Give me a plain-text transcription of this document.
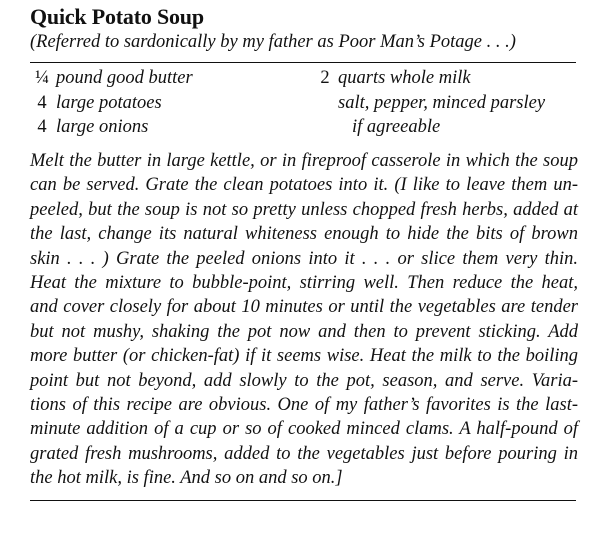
Quick Potato Soup

(Referred to sardonically by my father as Poor Man’s Potage . . .)

¼ pound good butter
4 large potatoes
4 large onions
2 quarts whole milk
salt, pepper, minced parsley
if agreeable
Melt the butter in large kettle, or in fireproof casserole in which the soup
can be served. Grate the clean potatoes into it. (I like to leave them un-
peeled, but the soup is not so pretty unless chopped fresh herbs, added at
the last, change its natural whiteness enough to hide the bits of brown
skin . . . ) Grate the peeled onions into it . . . or slice them very thin.
Heat the mixture to bubble-point, stirring well. Then reduce the heat,
and cover closely for about 10 minutes or until the vegetables are tender
but not mushy, shaking the pot now and then to prevent sticking. Add
more butter (or chicken-fat) if it seems wise. Heat the milk to the boiling
point but not beyond, add slowly to the pot, season, and serve. Varia-
tions of this recipe are obvious. One of my father’s favorites is the last-
minute addition of a cup or so of cooked minced clams. A half-pound of
grated fresh mushrooms, added to the vegetables just before pouring in
the hot milk, is fine. And so on and so on.]
